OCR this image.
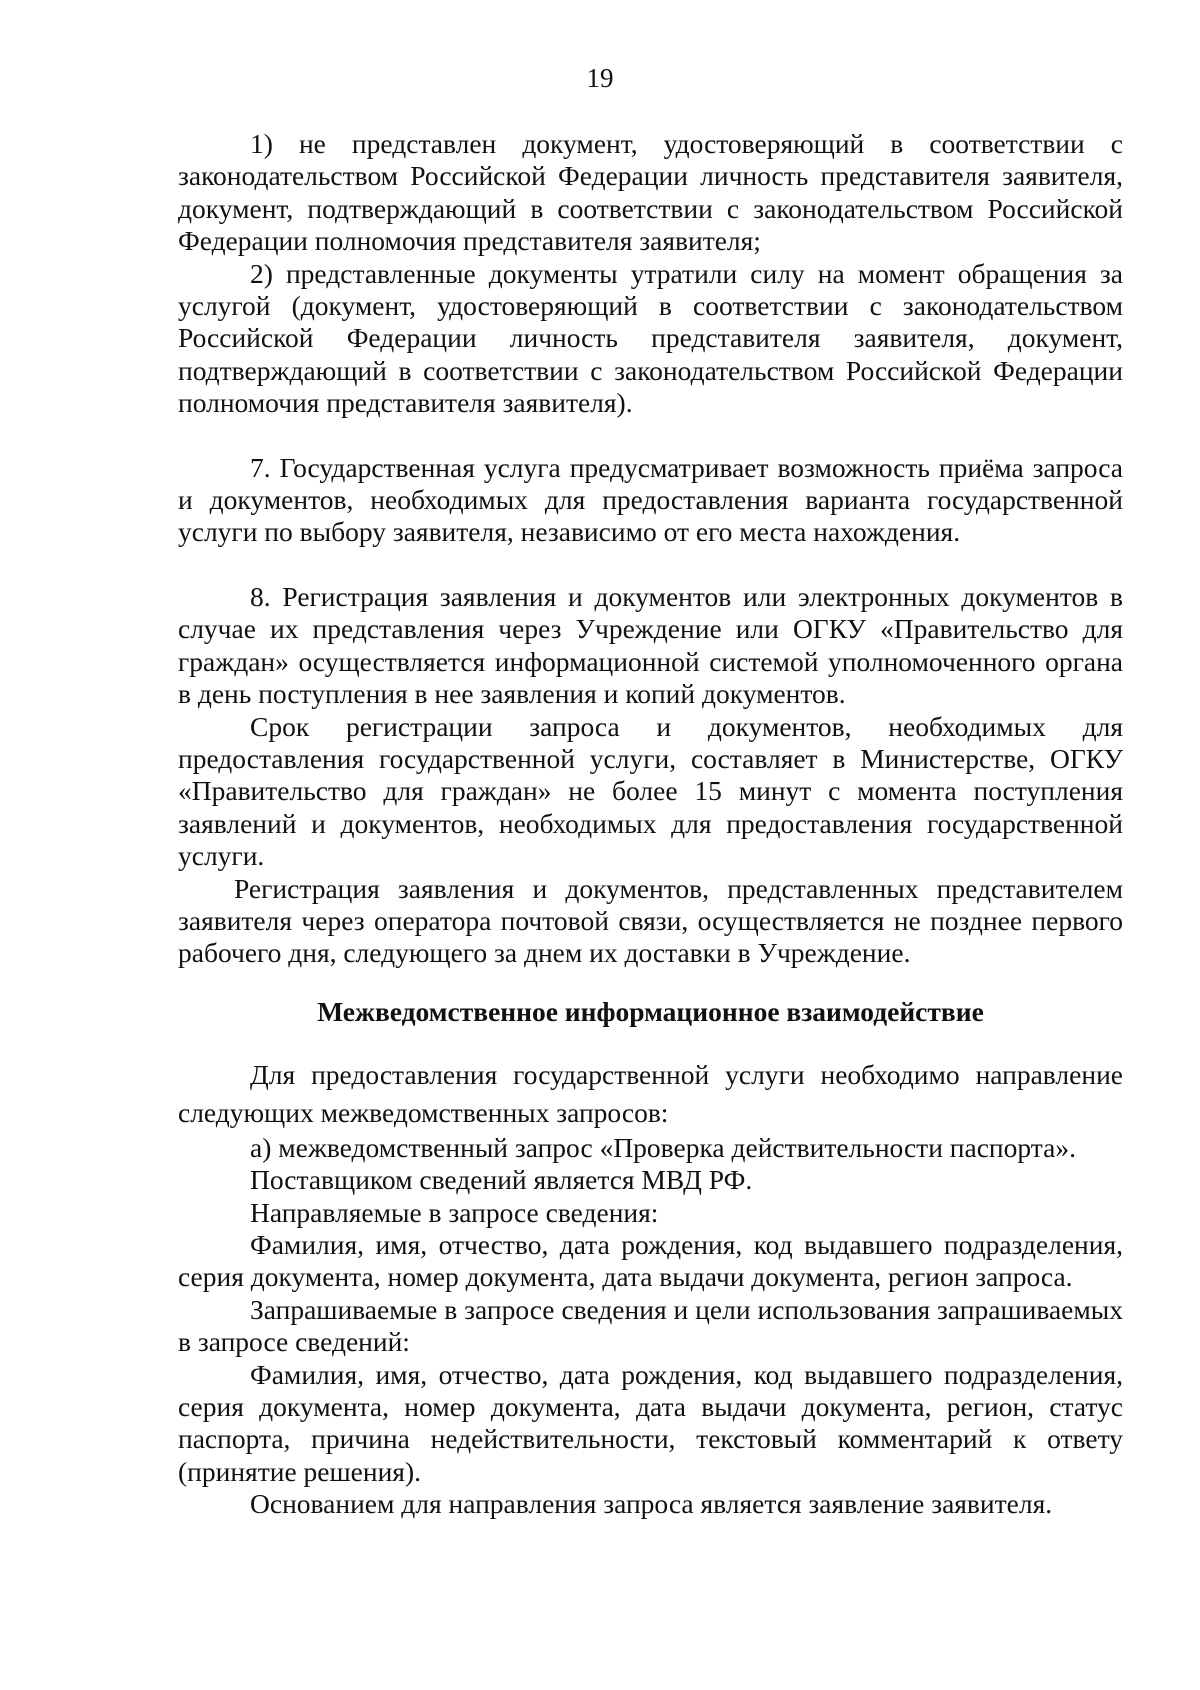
19

1) не представлен документ, удостоверяющий в соответствии с законодательством Российской Федерации личность представителя заявителя, документ, подтверждающий в соответствии с законодательством Российской Федерации полномочия представителя заявителя;

2) представленные документы утратили силу на момент обращения за услугой (документ, удостоверяющий в соответствии с законодательством Российской Федерации личность представителя заявителя, документ, подтверждающий в соответствии с законодательством Российской Федерации полномочия представителя заявителя).

7. Государственная услуга предусматривает возможность приёма запроса и документов, необходимых для предоставления варианта государственной услуги по выбору заявителя, независимо от его места нахождения.

8. Регистрация заявления и документов или электронных документов в случае их представления через Учреждение или ОГКУ «Правительство для граждан» осуществляется информационной системой уполномоченного органа в день поступления в нее заявления и копий документов.

Срок регистрации запроса и документов, необходимых для предоставления государственной услуги, составляет в Министерстве, ОГКУ «Правительство для граждан» не более 15 минут с момента поступления заявлений и документов, необходимых для предоставления государственной услуги.

Регистрация заявления и документов, представленных представителем заявителя через оператора почтовой связи, осуществляется не позднее первого рабочего дня, следующего за днем их доставки в Учреждение.

Межведомственное информационное взаимодействие

Для предоставления государственной услуги необходимо направление следующих межведомственных запросов:

а) межведомственный запрос «Проверка действительности паспорта».

Поставщиком сведений является МВД РФ.

Направляемые в запросе сведения:

Фамилия, имя, отчество, дата рождения, код выдавшего подразделения, серия документа, номер документа, дата выдачи документа, регион запроса.

Запрашиваемые в запросе сведения и цели использования запрашиваемых в запросе сведений:

Фамилия, имя, отчество, дата рождения, код выдавшего подразделения, серия документа, номер документа, дата выдачи документа, регион, статус паспорта, причина недействительности, текстовый комментарий к ответу (принятие решения).

Основанием для направления запроса является заявление заявителя.
